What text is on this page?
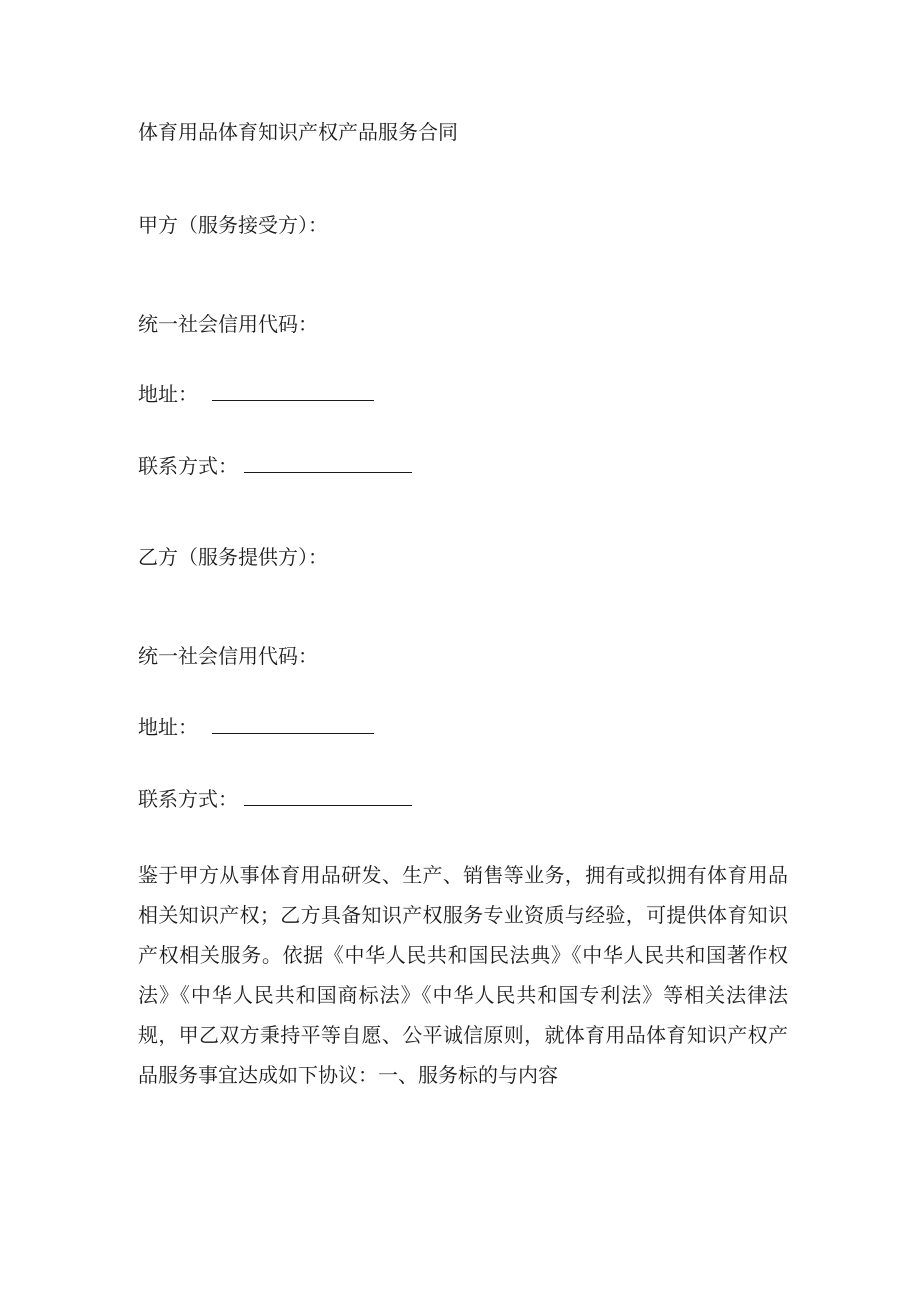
体育用品体育知识产权产品服务合同
甲方（服务接受方）：
统一社会信用代码：
地址：
联系方式：
乙方（服务提供方）：
统一社会信用代码：
地址：
联系方式：
鉴于甲方从事体育用品研发、生产、销售等业务，拥有或拟拥有体育用品相关知识产权；乙方具备知识产权服务专业资质与经验，可提供体育知识产权相关服务。依据《中华人民共和国民法典》《中华人民共和国著作权法》《中华人民共和国商标法》《中华人民共和国专利法》等相关法律法规，甲乙双方秉持平等自愿、公平诚信原则，就体育用品体育知识产权产品服务事宜达成如下协议：一、服务标的与内容
